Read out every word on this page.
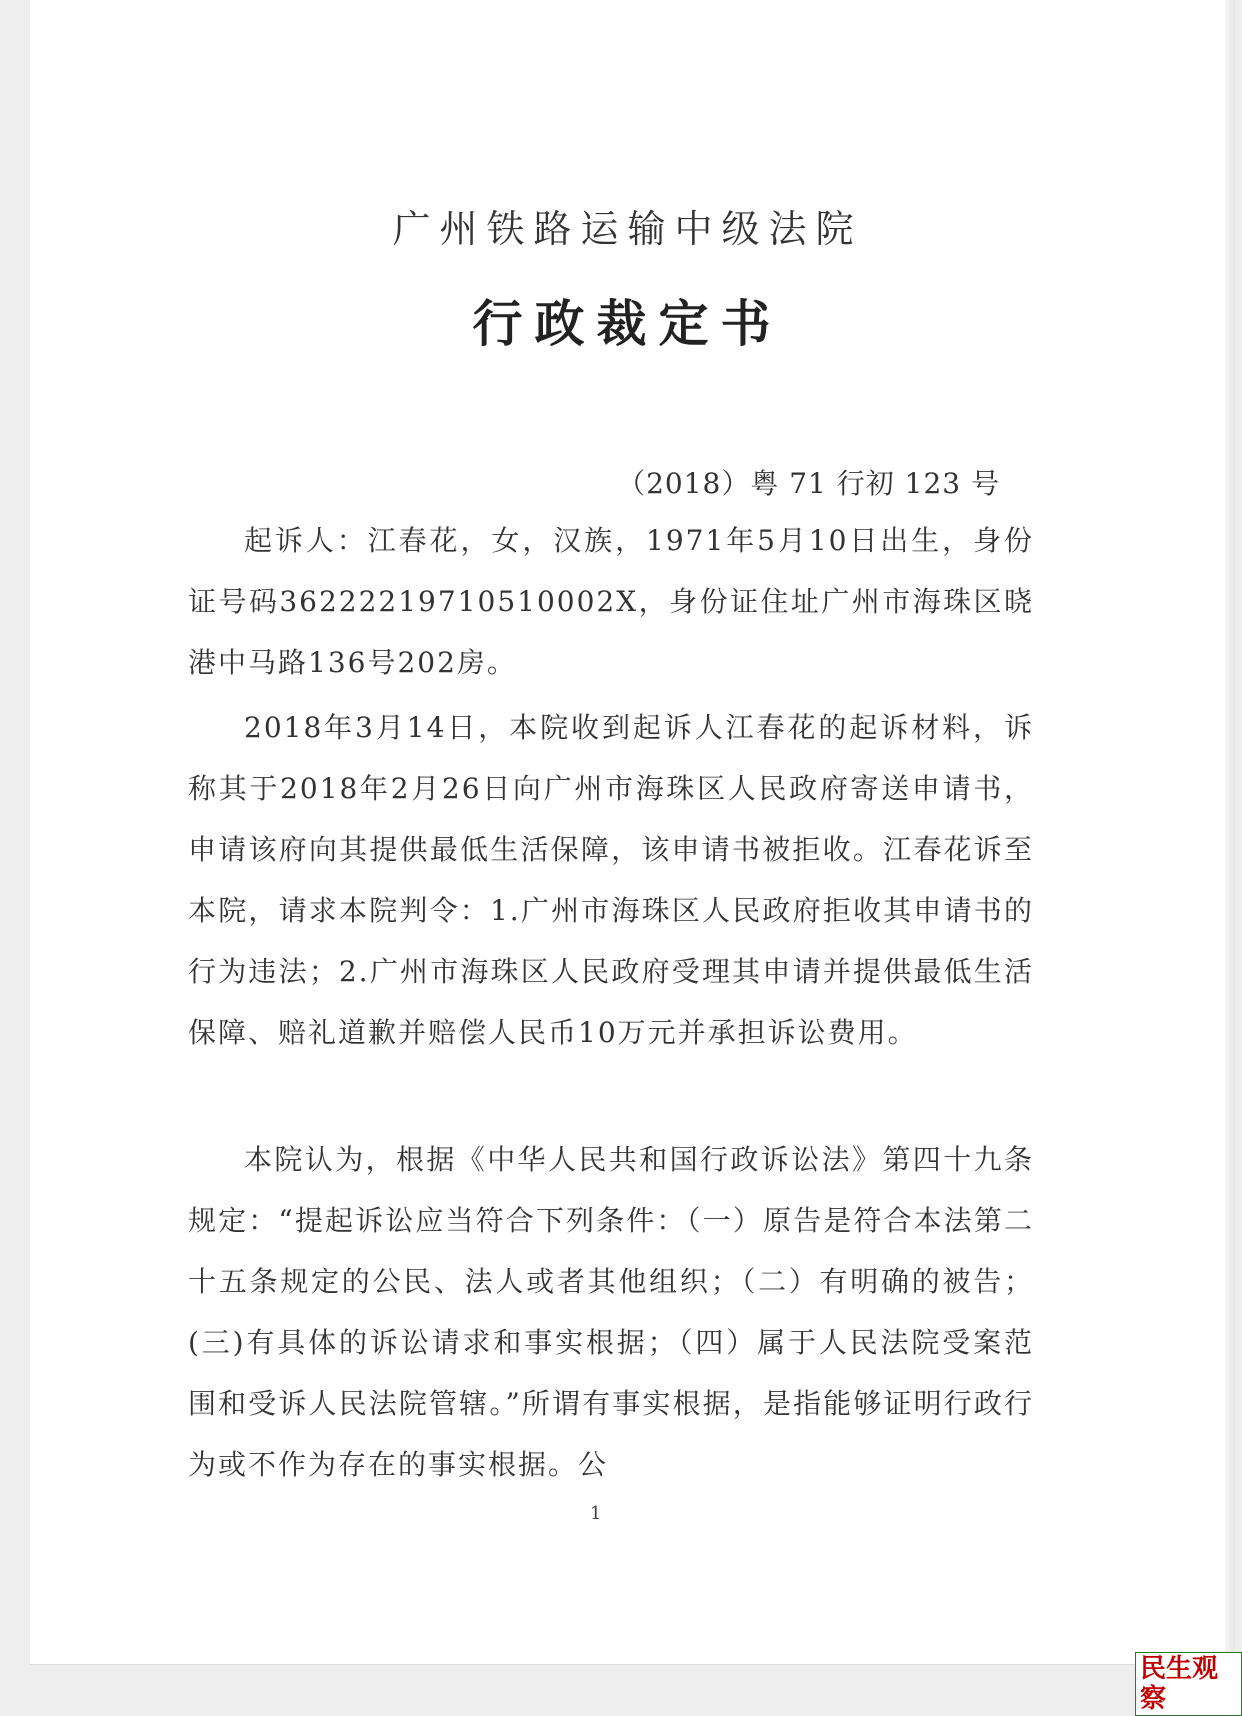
广州铁路运输中级法院
行政裁定书
（2018）粤 71 行初 123 号

起诉人：江春花，女，汉族，1971年5月10日出生，身份证号码36222219710510002X，身份证住址广州市海珠区晓港中马路136号202房。

2018年3月14日，本院收到起诉人江春花的起诉材料，诉称其于2018年2月26日向广州市海珠区人民政府寄送申请书，申请该府向其提供最低生活保障，该申请书被拒收。江春花诉至本院，请求本院判令：1.广州市海珠区人民政府拒收其申请书的行为违法；2.广州市海珠区人民政府受理其申请并提供最低生活保障、赔礼道歉并赔偿人民币10万元并承担诉讼费用。

本院认为，根据《中华人民共和国行政诉讼法》第四十九条规定：“提起诉讼应当符合下列条件：（一）原告是符合本法第二十五条规定的公民、法人或者其他组织；（二）有明确的被告；(三)有具体的诉讼请求和事实根据；（四）属于人民法院受案范围和受诉人民法院管辖。”所谓有事实根据，是指能够证明行政行为或不作为存在的事实根据。公

1
民生观察
